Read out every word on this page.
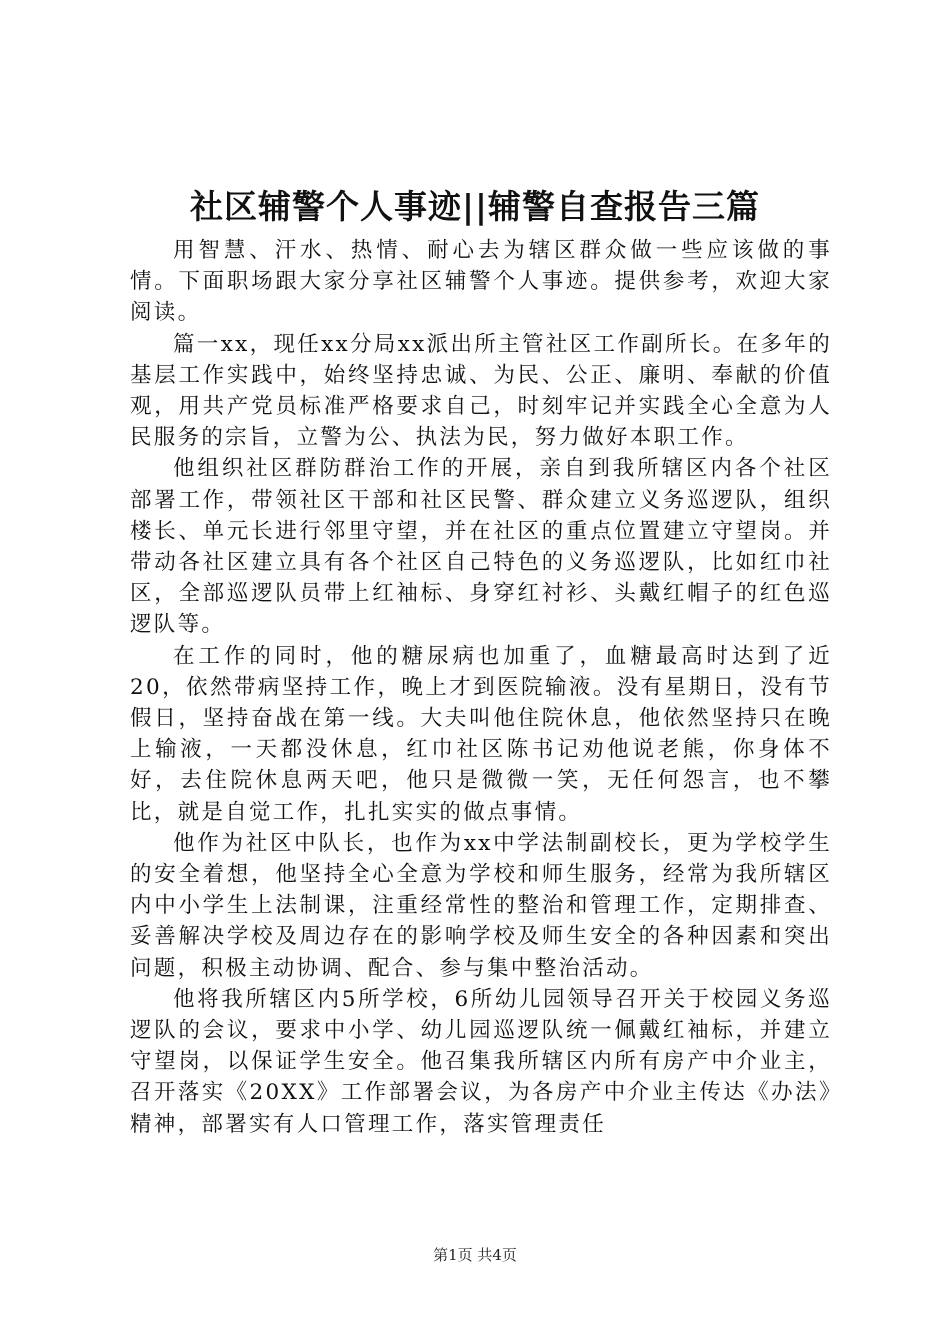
社区辅警个人事迹||辅警自查报告三篇

用智慧、汗水、热情、耐心去为辖区群众做一些应该做的事情。下面职场跟大家分享社区辅警个人事迹。提供参考，欢迎大家阅读。

篇一xx，现任xx分局xx派出所主管社区工作副所长。在多年的基层工作实践中，始终坚持忠诚、为民、公正、廉明、奉献的价值观，用共产党员标准严格要求自己，时刻牢记并实践全心全意为人民服务的宗旨，立警为公、执法为民，努力做好本职工作。

他组织社区群防群治工作的开展，亲自到我所辖区内各个社区部署工作，带领社区干部和社区民警、群众建立义务巡逻队，组织楼长、单元长进行邻里守望，并在社区的重点位置建立守望岗。并带动各社区建立具有各个社区自己特色的义务巡逻队，比如红巾社区，全部巡逻队员带上红袖标、身穿红衬衫、头戴红帽子的红色巡逻队等。

在工作的同时，他的糖尿病也加重了，血糖最高时达到了近20，依然带病坚持工作，晚上才到医院输液。没有星期日，没有节假日，坚持奋战在第一线。大夫叫他住院休息，他依然坚持只在晚上输液，一天都没休息，红巾社区陈书记劝他说老熊，你身体不好，去住院休息两天吧，他只是微微一笑，无任何怨言，也不攀比，就是自觉工作，扎扎实实的做点事情。

他作为社区中队长，也作为xx中学法制副校长，更为学校学生的安全着想，他坚持全心全意为学校和师生服务，经常为我所辖区内中小学生上法制课，注重经常性的整治和管理工作，定期排查、妥善解决学校及周边存在的影响学校及师生安全的各种因素和突出问题，积极主动协调、配合、参与集中整治活动。

他将我所辖区内5所学校，6所幼儿园领导召开关于校园义务巡逻队的会议，要求中小学、幼儿园巡逻队统一佩戴红袖标，并建立守望岗，以保证学生安全。他召集我所辖区内所有房产中介业主，召开落实《20XX》工作部署会议，为各房产中介业主传达《办法》精神，部署实有人口管理工作，落实管理责任

第1页 共4页
